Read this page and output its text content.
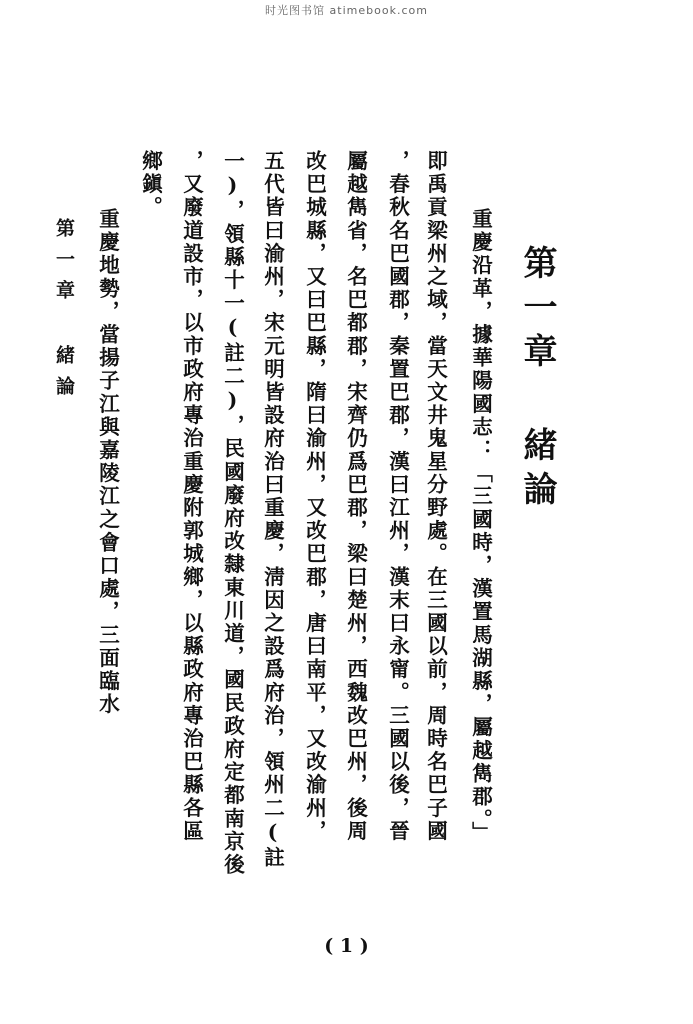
时光图书馆 atimebook.com
第一章 緒論
重慶沿革，據華陽國志：「三國時，漢置馬湖縣，屬越雋郡。」
即禹貢梁州之域，當天文井鬼星分野處。在三國以前，周時名巴子國
，春秋名巴國郡，秦置巴郡，漢曰江州，漢末曰永甯。三國以後，晉
屬越雋省，名巴都郡，宋齊仍爲巴郡，梁曰楚州，西魏改巴州，後周
改巴城縣，又曰巴縣，隋曰渝州，又改巴郡，唐曰南平，又改渝州，
五代皆曰渝州，宋元明皆設府治曰重慶，淸因之設爲府治，領州二(註
一)，領縣十一(註二)，民國廢府改隸東川道，國民政府定都南京後
，又廢道設市，以市政府專治重慶附郭城鄉，以縣政府專治巴縣各區
鄉鎭。
重慶地勢，當揚子江與嘉陵江之會口處，三面臨水
第一章 緒論
( 1 )
